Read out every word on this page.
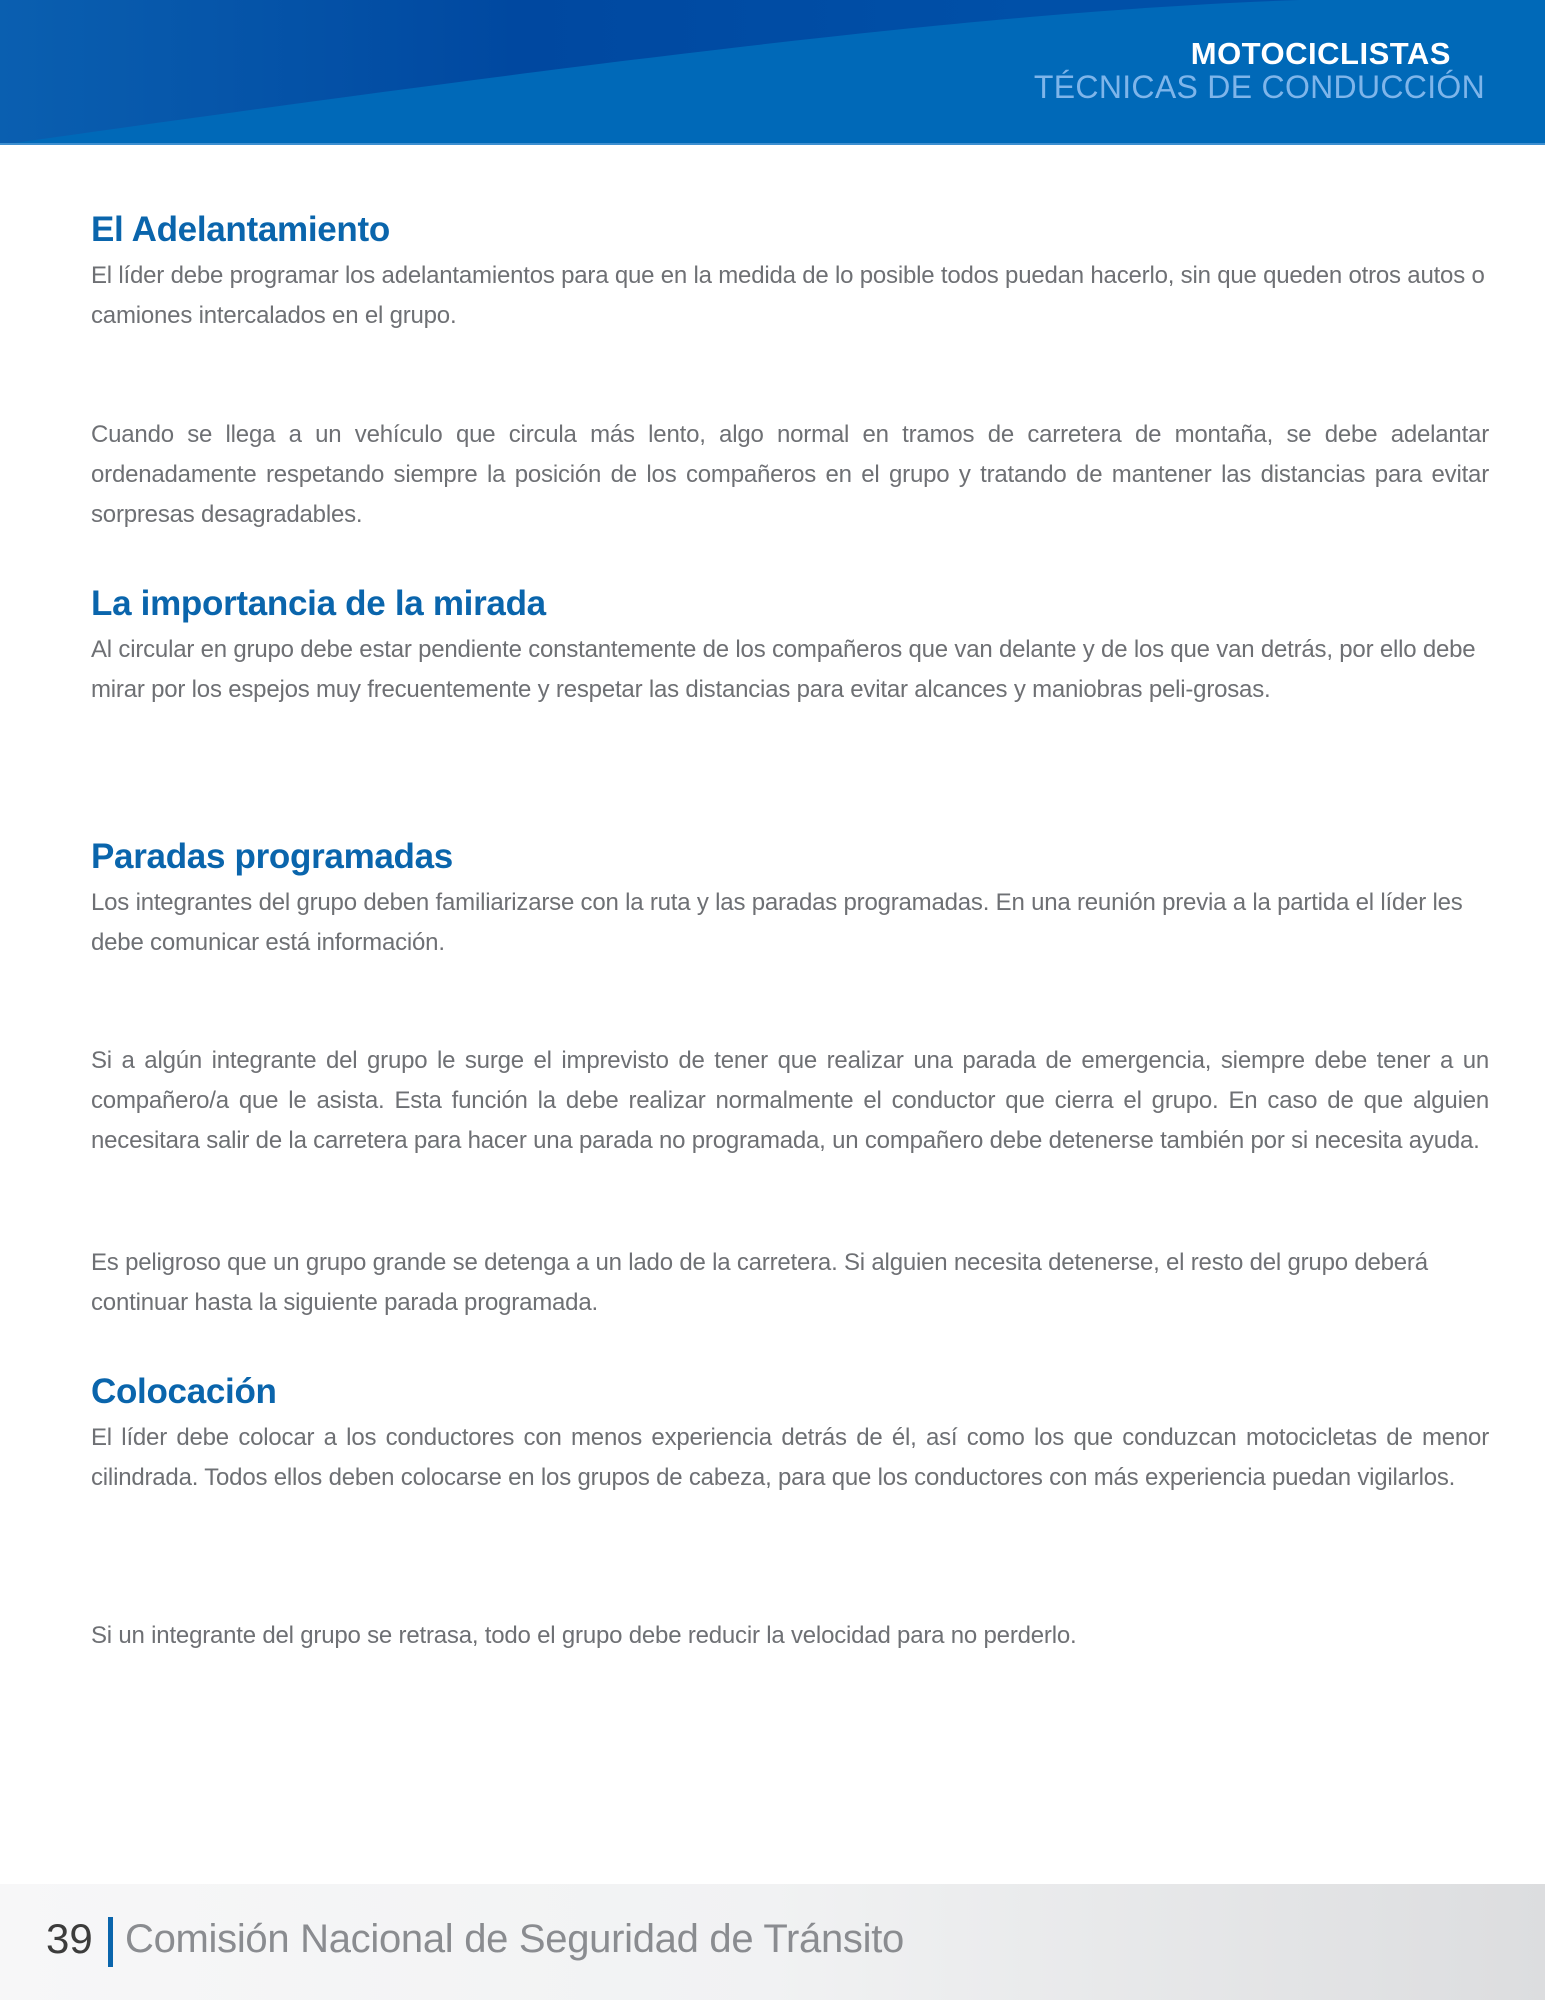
MOTOCICLISTAS
TÉCNICAS DE CONDUCCIÓN
El Adelantamiento

El líder debe programar los adelantamientos para que en la medida de lo posible todos puedan hacerlo, sin que queden otros autos o camiones intercalados en el grupo.

Cuando se llega a un vehículo que circula más lento, algo normal en tramos de carretera de montaña, se debe adelantar ordenadamente respetando siempre la posición de los compañeros en el grupo y tratando de mantener las distancias para evitar sorpresas desagradables.

La importancia de la mirada

Al circular en grupo debe estar pendiente constantemente de los compañeros que van delante y de los que van detrás, por ello debe mirar por los espejos muy frecuentemente y respetar las distancias para evitar alcances y maniobras peli-grosas.

Paradas programadas

Los integrantes del grupo deben familiarizarse con la ruta y las paradas programadas. En una reunión previa a la partida el líder les debe comunicar está información.

Si a algún integrante del grupo le surge el imprevisto de tener que realizar una parada de emergencia, siempre debe tener a un compañero/a que le asista. Esta función la debe realizar normalmente el conductor que cierra el grupo. En caso de que alguien necesitara salir de la carretera para hacer una parada no programada, un compañero debe detenerse también por si necesita ayuda.

Es peligroso que un grupo grande se detenga a un lado de la carretera. Si alguien necesita detenerse, el resto del grupo deberá continuar hasta la siguiente parada programada.

Colocación

El líder debe colocar a los conductores con menos experiencia detrás de él, así como los que conduzcan motocicletas de menor cilindrada. Todos ellos deben colocarse en los grupos de cabeza, para que los conductores con más experiencia puedan vigilarlos.

Si un integrante del grupo se retrasa, todo el grupo debe reducir la velocidad para no perderlo.

39 Comisión Nacional de Seguridad de Tránsito
